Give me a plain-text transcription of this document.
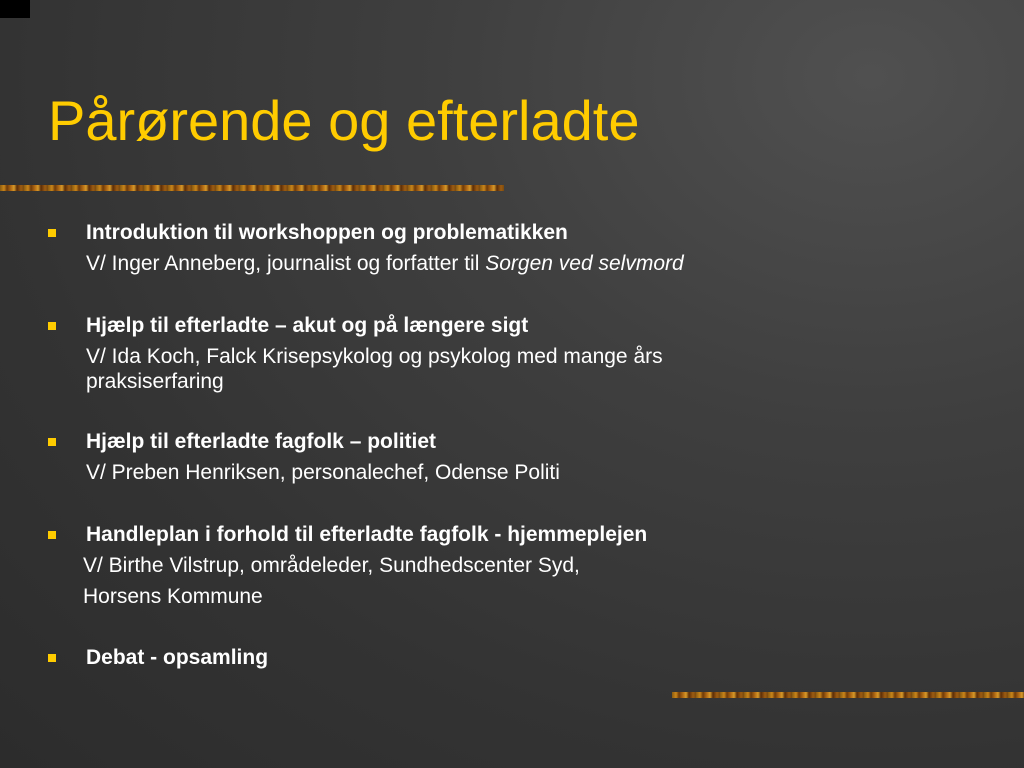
Pårørende og efterladte
Introduktion til workshoppen og problematikken
V/ Inger Anneberg, journalist og forfatter til Sorgen ved selvmord
Hjælp til efterladte – akut og på længere sigt
V/ Ida Koch, Falck Krisepsykolog og psykolog med mange års
praksiserfaring
Hjælp til efterladte fagfolk – politiet
V/ Preben Henriksen, personalechef, Odense Politi
Handleplan i forhold til efterladte fagfolk - hjemmeplejen
V/ Birthe Vilstrup, områdeleder, Sundhedscenter Syd,
Horsens Kommune
Debat - opsamling
